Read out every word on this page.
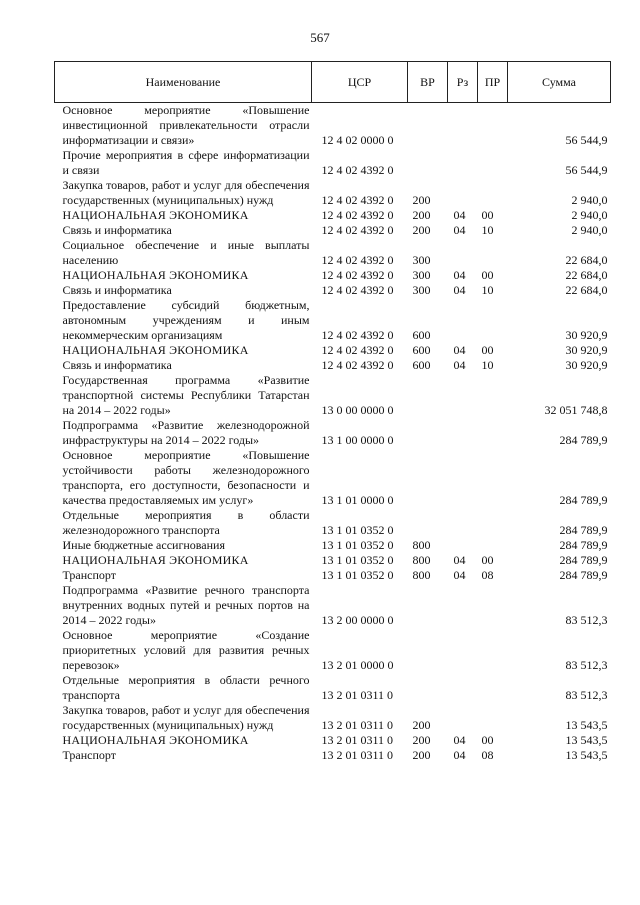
567
Наименование	ЦСР	ВР	Рз	ПР	Сумма
Основное мероприятие «Повышение инвестиционной привлекательности отрасли информатизации и связи»	12 4 02 0000 0				56 544,9
Прочие мероприятия в сфере информатизации и связи	12 4 02 4392 0				56 544,9
Закупка товаров, работ и услуг для обеспечения государственных (муниципальных) нужд	12 4 02 4392 0	200			2 940,0
НАЦИОНАЛЬНАЯ ЭКОНОМИКА	12 4 02 4392 0	200	04	00	2 940,0
Связь и информатика	12 4 02 4392 0	200	04	10	2 940,0
Социальное обеспечение и иные выплаты населению	12 4 02 4392 0	300			22 684,0
НАЦИОНАЛЬНАЯ ЭКОНОМИКА	12 4 02 4392 0	300	04	00	22 684,0
Связь и информатика	12 4 02 4392 0	300	04	10	22 684,0
Предоставление субсидий бюджетным, автономным учреждениям и иным некоммерческим организациям	12 4 02 4392 0	600			30 920,9
НАЦИОНАЛЬНАЯ ЭКОНОМИКА	12 4 02 4392 0	600	04	00	30 920,9
Связь и информатика	12 4 02 4392 0	600	04	10	30 920,9
Государственная программа «Развитие транспортной системы Республики Татарстан на 2014 – 2022 годы»	13 0 00 0000 0				32 051 748,8
Подпрограмма «Развитие железнодорожной инфраструктуры на 2014 – 2022 годы»	13 1 00 0000 0				284 789,9
Основное мероприятие «Повышение устойчивости работы железнодорожного транспорта, его доступности, безопасности и качества предоставляемых им услуг»	13 1 01 0000 0				284 789,9
Отдельные мероприятия в области железнодорожного транспорта	13 1 01 0352 0				284 789,9
Иные бюджетные ассигнования	13 1 01 0352 0	800			284 789,9
НАЦИОНАЛЬНАЯ ЭКОНОМИКА	13 1 01 0352 0	800	04	00	284 789,9
Транспорт	13 1 01 0352 0	800	04	08	284 789,9
Подпрограмма «Развитие речного транспорта внутренних водных путей и речных портов на 2014 – 2022 годы»	13 2 00 0000 0				83 512,3
Основное мероприятие «Создание приоритетных условий для развития речных перевозок»	13 2 01 0000 0				83 512,3
Отдельные мероприятия в области речного транспорта	13 2 01 0311 0				83 512,3
Закупка товаров, работ и услуг для обеспечения государственных (муниципальных) нужд	13 2 01 0311 0	200			13 543,5
НАЦИОНАЛЬНАЯ ЭКОНОМИКА	13 2 01 0311 0	200	04	00	13 543,5
Транспорт	13 2 01 0311 0	200	04	08	13 543,5
